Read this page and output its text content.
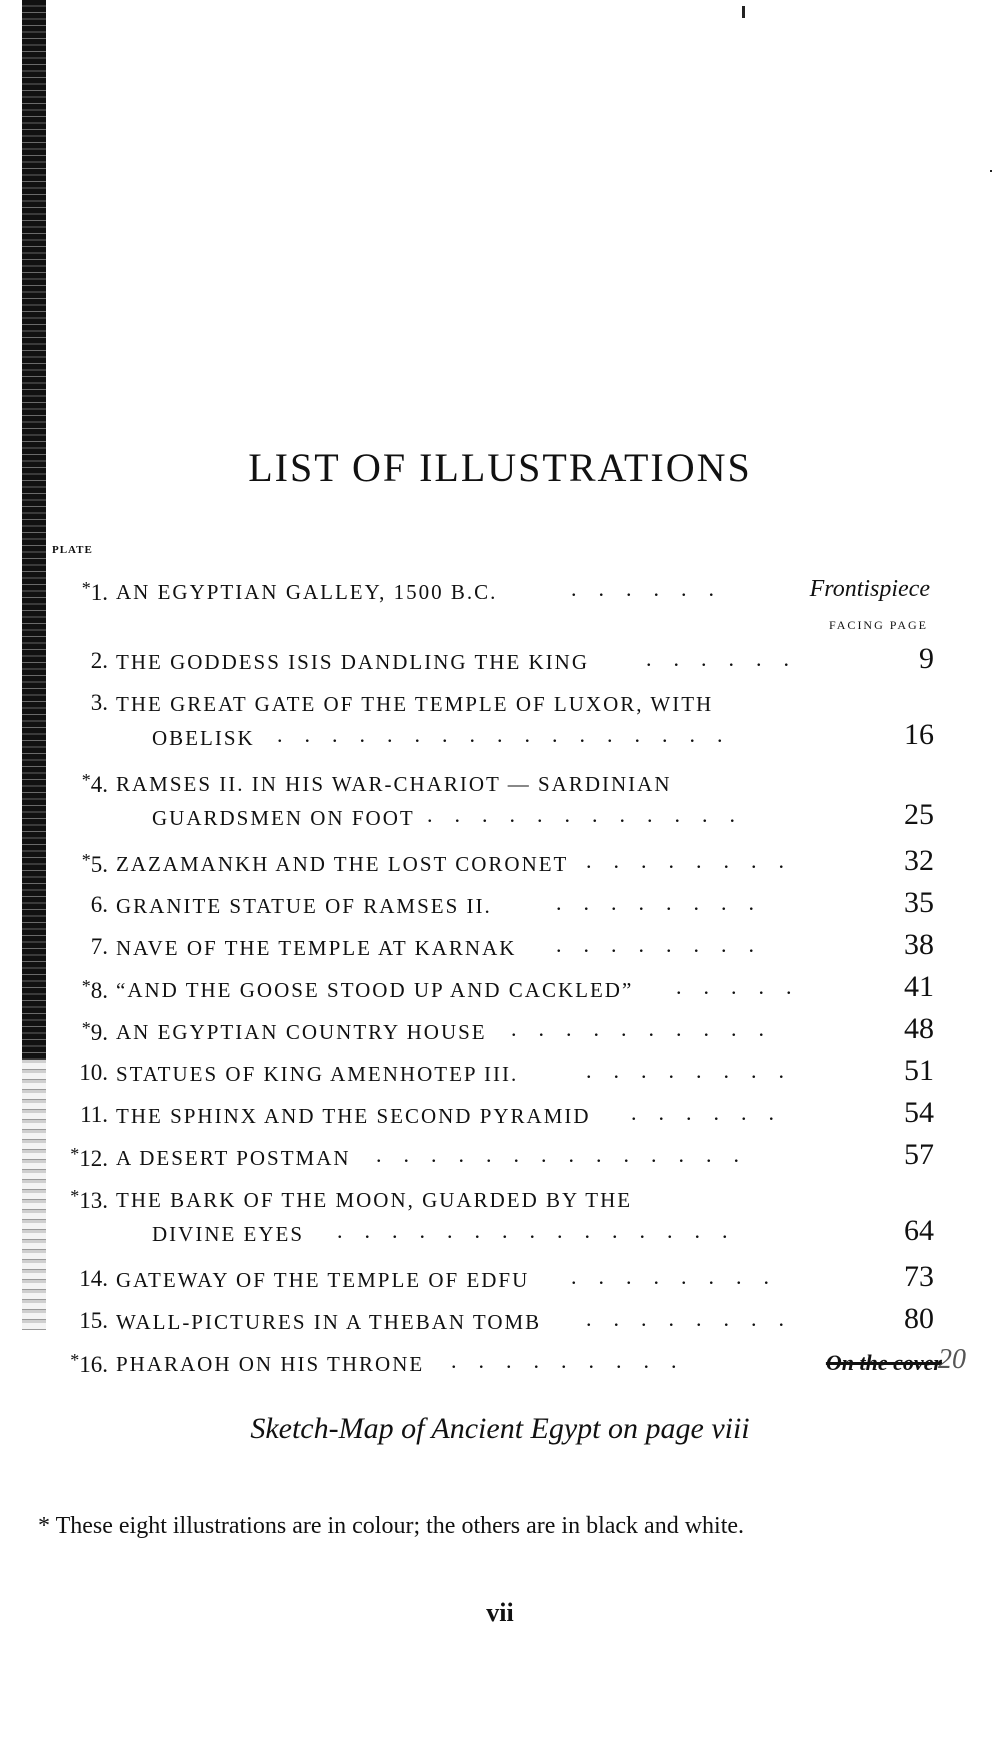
LIST OF ILLUSTRATIONS
PLATE
FACING PAGE
*1. AN EGYPTIAN GALLEY, 1500 B.C.	......	Frontispiece
2. THE GODDESS ISIS DANDLING THE KING	......	9
3. THE GREAT GATE OF THE TEMPLE OF LUXOR, WITH
OBELISK .................	16
*4. RAMSES II. IN HIS WAR-CHARIOT — SARDINIAN
GUARDSMEN ON FOOT ............	25
*5. ZAZAMANKH AND THE LOST CORONET ........	32
6. GRANITE STATUE OF RAMSES II.	........	35
7. NAVE OF THE TEMPLE AT KARNAK ........	38
*8. “AND THE GOOSE STOOD UP AND CACKLED” .....	41
*9. AN EGYPTIAN COUNTRY HOUSE ..........	48
10. STATUES OF KING AMENHOTEP III.	........	51
11. THE SPHINX AND THE SECOND PYRAMID ......	54
*12. A DESERT POSTMAN ..............	57
*13. THE BARK OF THE MOON, GUARDED BY THE
DIVINE EYES ...............	64
14. GATEWAY OF THE TEMPLE OF EDFU ........	73
15. WALL-PICTURES IN A THEBAN TOMB ........	80
*16. PHARAOH ON HIS THRONE .........	On the cover
20
Sketch-Map of Ancient Egypt on page viii
* These eight illustrations are in colour; the others are in black and white.
vii
